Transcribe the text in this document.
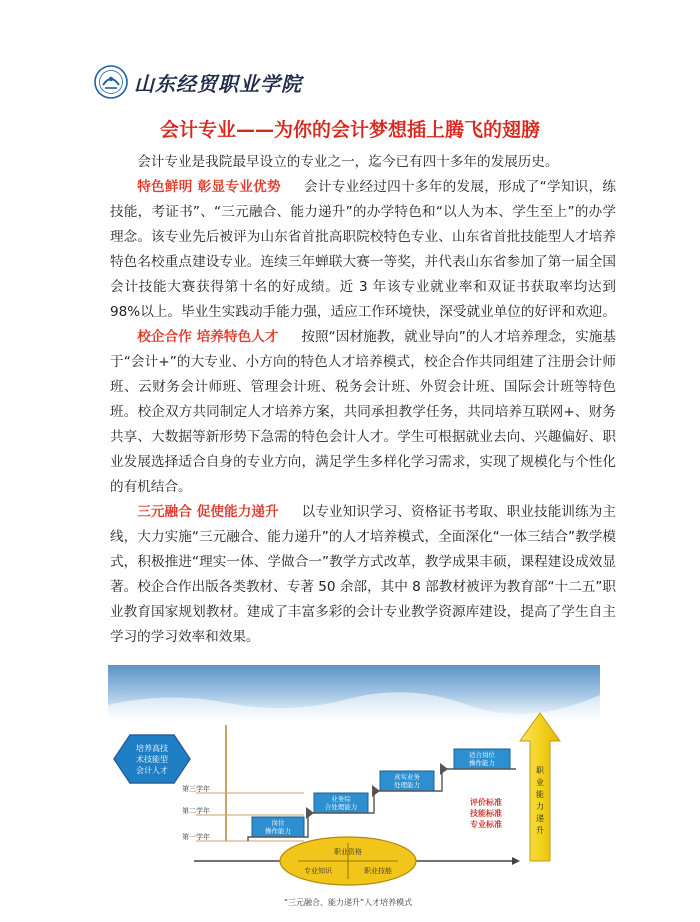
山东经贸职业学院
会计专业——为你的会计梦想插上腾飞的翅膀

会计专业是我院最早设立的专业之一，迄今已有四十多年的发展历史。

特色鲜明 彰显专业优势 会计专业经过四十多年的发展，形成了“学知识，练技能，考证书”、“三元融合、能力递升”的办学特色和“以人为本、学生至上”的办学理念。该专业先后被评为山东省首批高职院校特色专业、山东省首批技能型人才培养特色名校重点建设专业。连续三年蝉联大赛一等奖，并代表山东省参加了第一届全国会计技能大赛获得第十名的好成绩。近 3 年该专业就业率和双证书获取率均达到 98%以上。毕业生实践动手能力强，适应工作环境快，深受就业单位的好评和欢迎。

校企合作 培养特色人才 按照“因材施教，就业导向”的人才培养理念，实施基于“会计+”的大专业、小方向的特色人才培养模式，校企合作共同组建了注册会计师班、云财务会计师班、管理会计班、税务会计班、外贸会计班、国际会计班等特色班。校企双方共同制定人才培养方案，共同承担教学任务，共同培养互联网+、财务共享、大数据等新形势下急需的特色会计人才。学生可根据就业去向、兴趣偏好、职业发展选择适合自身的专业方向，满足学生多样化学习需求，实现了规模化与个性化的有机结合。

三元融合 促使能力递升 以专业知识学习、资格证书考取、职业技能训练为主线，大力实施“三元融合、能力递升”的人才培养模式，全面深化“一体三结合”教学模式，积极推进“理实一体、学做合一”教学方式改革，教学成果丰硕，课程建设成效显著。校企合作出版各类教材、专著 50 余部，其中 8 部教材被评为教育部“十二五”职业教育国家规划教材。建成了丰富多彩的会计专业教学资源库建设，提高了学生自主学习的学习效率和效果。

培养高技
术技能型
会计人才
第三学年
第二学年
第一学年
岗位
操作能力
业务综
合处理能力
真实业务
处理能力
适合岗位
操作能力
评价标准
技能标准
专业标准
职
业
能
力
递
升
职业资格
专业知识	职业技能
“三元融合、能力递升”人才培养模式
